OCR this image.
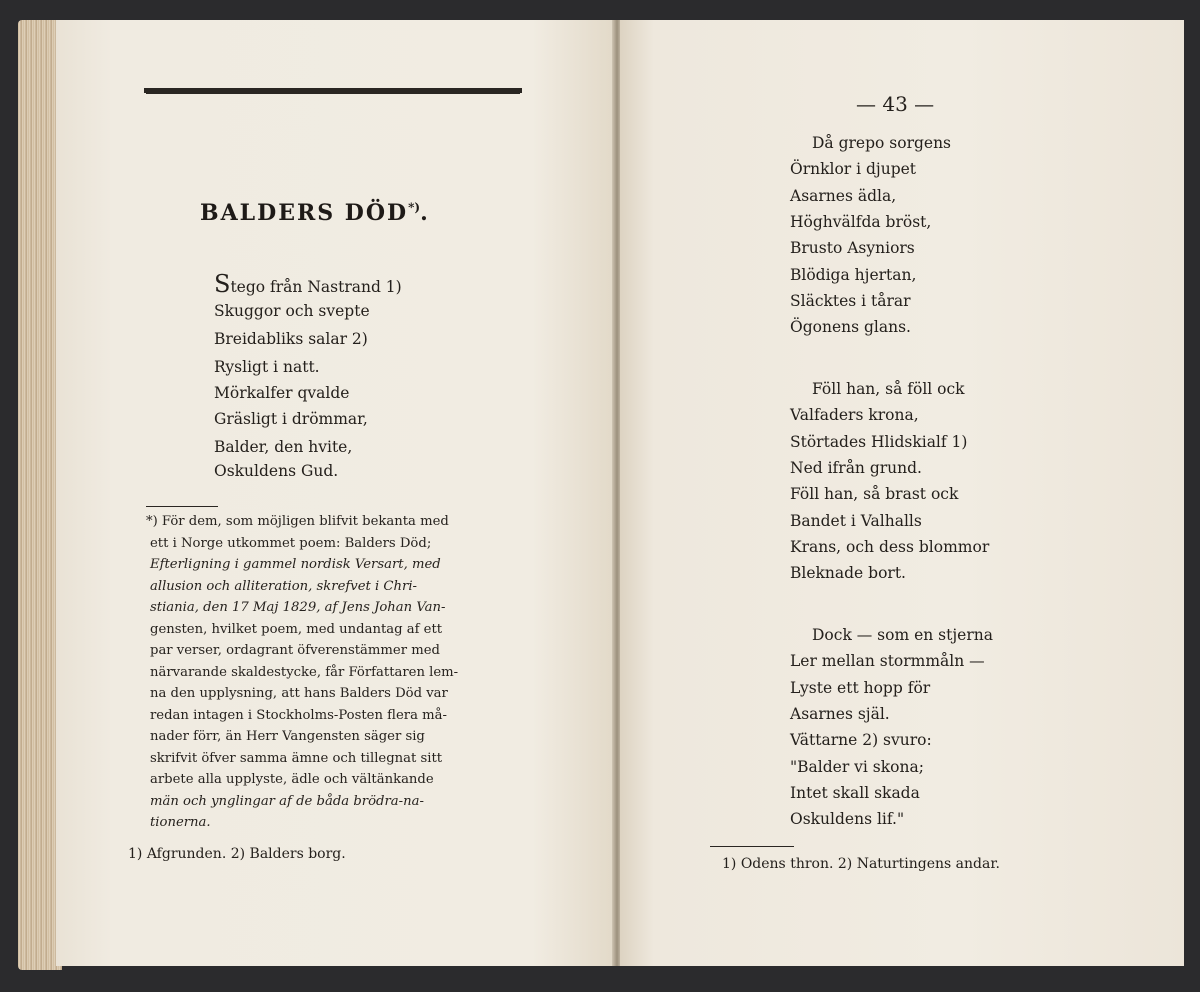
BALDERS DÖD*).
Stego från Nastrand 1)
Skuggor och svepte
Breidabliks salar 2)
Rysligt i natt.
Mörkalfer qvalde
Gräsligt i drömmar,
Balder, den hvite,
Oskuldens Gud.
*) För dem, som möjligen blifvit bekanta med
ett i Norge utkommet poem: Balders Död;
Efterligning i gammel nordisk Versart, med
allusion och alliteration, skrefvet i Chri-
stiania, den 17 Maj 1829, af Jens Johan Van-
gensten, hvilket poem, med undantag af ett
par verser, ordagrant öfverenstämmer med
närvarande skaldestycke, får Författaren lem-
na den upplysning, att hans Balders Död var
redan intagen i Stockholms-Posten flera må-
nader förr, än Herr Vangensten säger sig
skrifvit öfver samma ämne och tillegnat sitt
arbete alla upplyste, ädle och vältänkande
män och ynglingar af de båda brödra-na-
tionerna.
1) Afgrunden. 2) Balders borg.
— 43 —
Då grepo sorgens
Örnklor i djupet
Asarnes ädla,
Höghvälfda bröst,
Brusto Asyniors
Blödiga hjertan,
Släcktes i tårar
Ögonens glans.
Föll han, så föll ock
Valfaders krona,
Störtades Hlidskialf 1)
Ned ifrån grund.
Föll han, så brast ock
Bandet i Valhalls
Krans, och dess blommor
Bleknade bort.
Dock — som en stjerna
Ler mellan stormmåln —
Lyste ett hopp för
Asarnes själ.
Vättarne 2) svuro:
"Balder vi skona;
Intet skall skada
Oskuldens lif."
1) Odens thron. 2) Naturtingens andar.
